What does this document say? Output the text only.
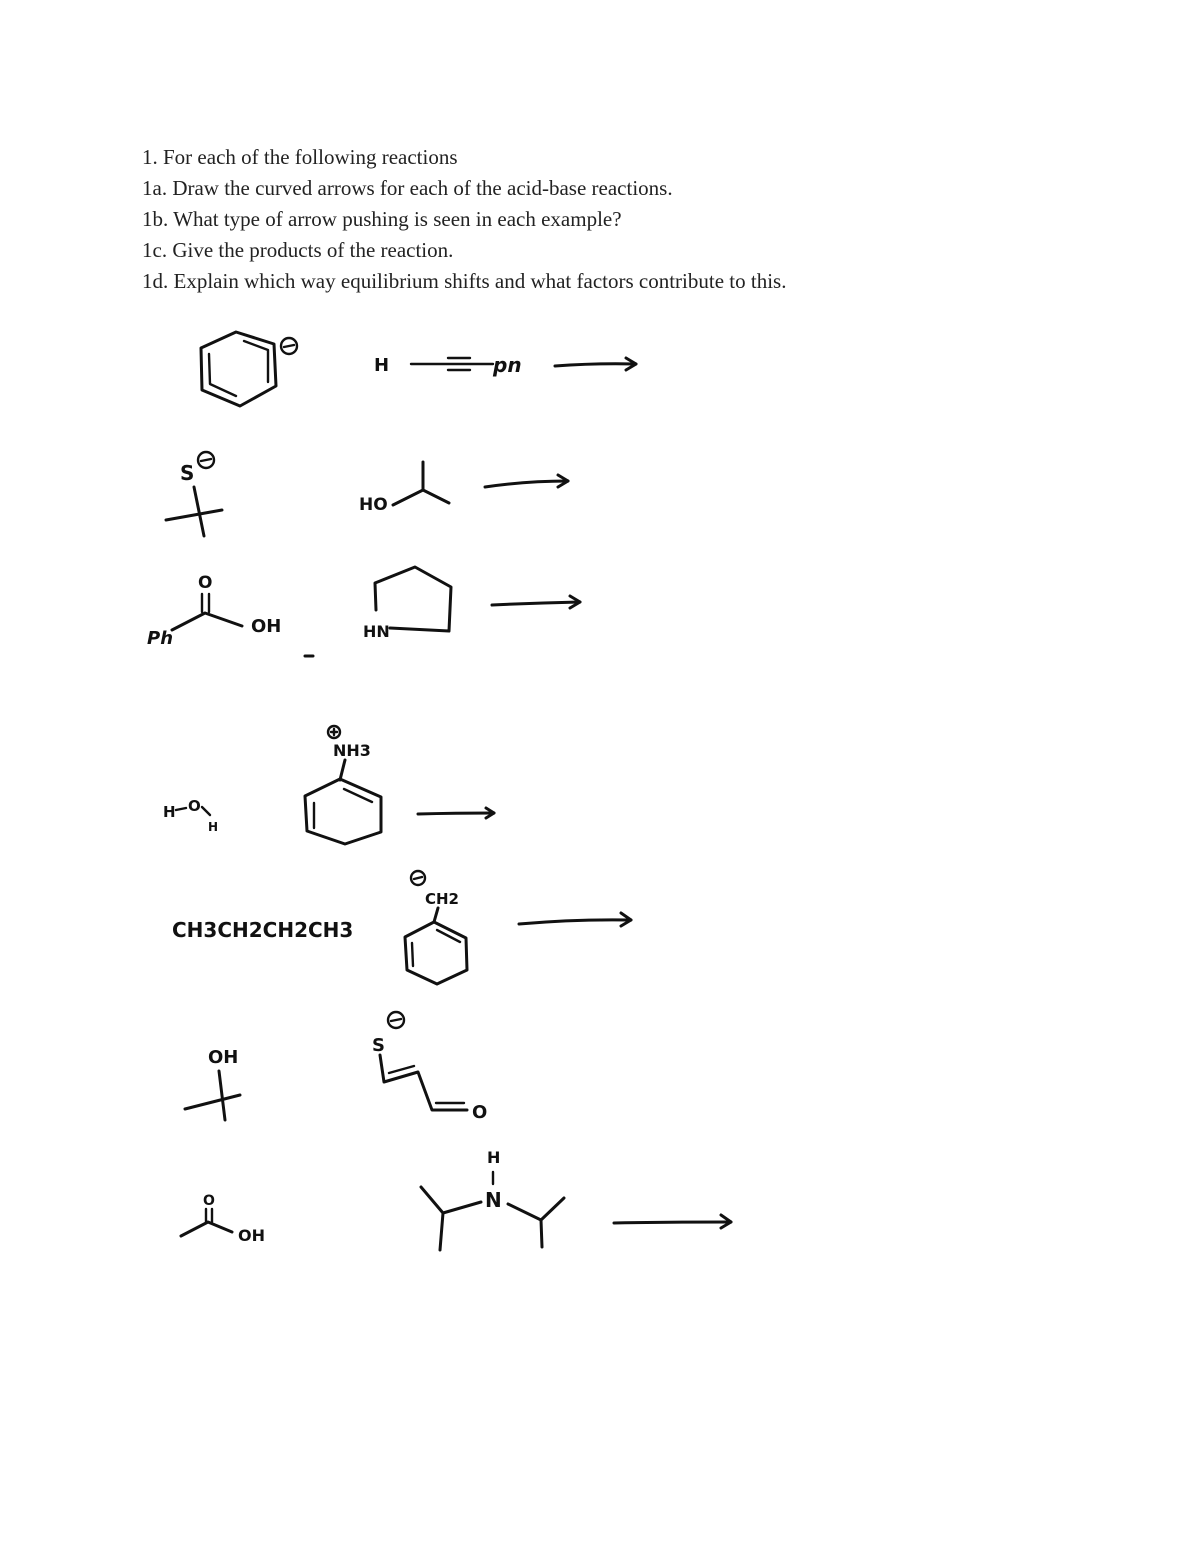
1. For each of the following reactions
1a. Draw the curved arrows for each of the acid-base reactions.
1b. What type of arrow pushing is seen in each example?
1c. Give the products of the reaction.
1d. Explain which way equilibrium shifts and what factors contribute to this.
H	pn
S
HO
O
Ph
OH	HN
H O
H
NH3
CH3CH2CH2CH3
CH2
OH
S
O
O
OH
H
N
